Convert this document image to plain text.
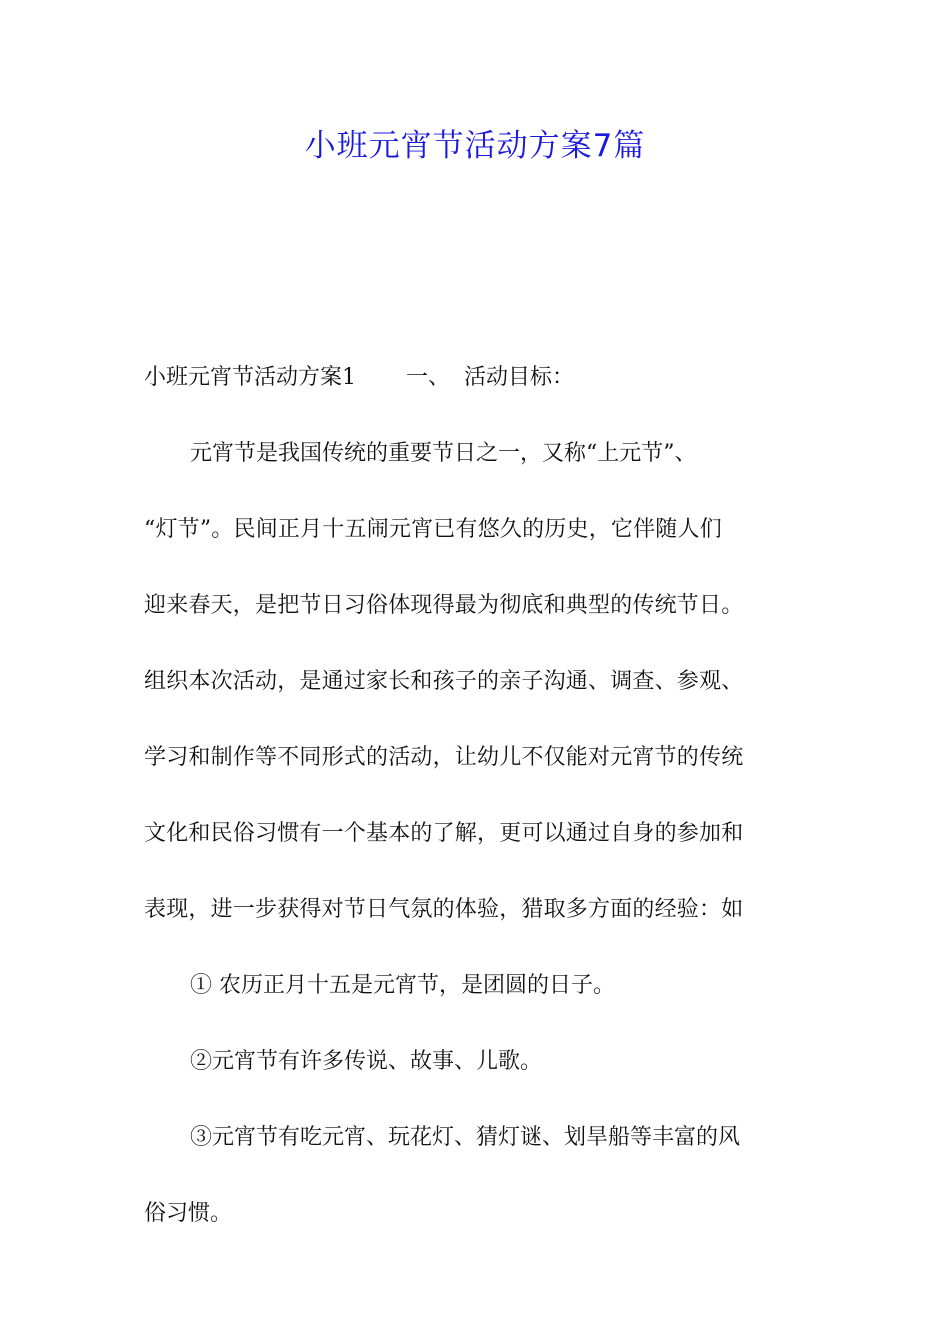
小班元宵节活动方案7篇
小班元宵节活动方案1 一、 活动目标：
元宵节是我国传统的重要节日之一，又称“上元节”、
“灯节”。民间正月十五闹元宵已有悠久的历史，它伴随人们
迎来春天，是把节日习俗体现得最为彻底和典型的传统节日。
组织本次活动，是通过家长和孩子的亲子沟通、调查、参观、
学习和制作等不同形式的活动，让幼儿不仅能对元宵节的传统
文化和民俗习惯有一个基本的了解，更可以通过自身的参加和
表现，进一步获得对节日气氛的体验，猎取多方面的经验：如
① 农历正月十五是元宵节，是团圆的日子。
②元宵节有许多传说、故事、儿歌。
③元宵节有吃元宵、玩花灯、猜灯谜、划旱船等丰富的风
俗习惯。
